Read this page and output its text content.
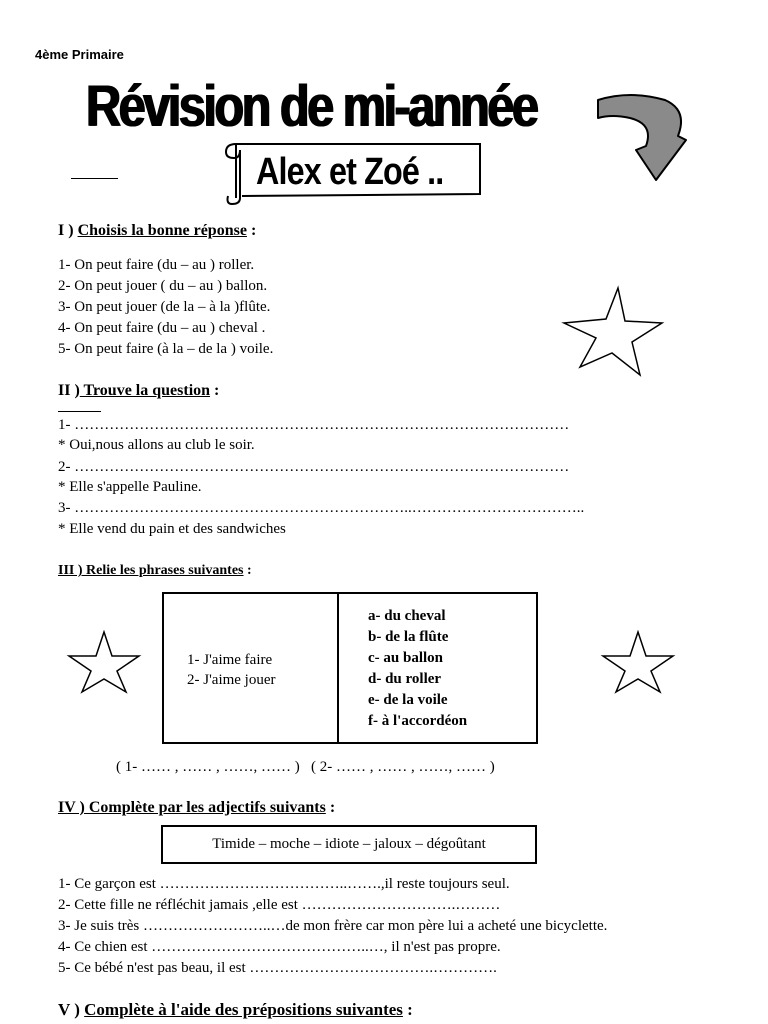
4ème Primaire
Révision de mi-année
Alex et Zoé ..
I ) Choisis la bonne réponse :
1- On peut faire (du – au ) roller.
2- On peut jouer ( du – au ) ballon.
3- On peut jouer (de la – à la )flûte.
4- On peut faire (du – au ) cheval .
5- On peut faire (à la – de la ) voile.
II ) Trouve la question :
1- ………………………………………………………………………………………
* Oui,nous allons au club le soir.
2- ………………………………………………………………………………………
* Elle s'appelle Pauline.
3- …………………………………………………………..……………………………..
* Elle vend du pain et des sandwiches
III ) Relie les phrases suivantes :
1- J'aime faire
2- J'aime jouer
a- du cheval
b- de la flûte
c- au ballon
d- du roller
e- de la voile
f- à l'accordéon
( 1- …… , …… , ……, …… )   ( 2- …… , …… , ……, …… )
IV ) Complète par les adjectifs suivants :
Timide – moche – idiote – jaloux – dégoûtant
1- Ce garçon est ………………………………..…….,il reste toujours seul.
2- Cette fille ne réfléchit jamais ,elle est ………………………….………
3- Je suis très ……………………..…de mon frère car mon père lui a acheté une bicyclette.
4- Ce chien est ……………………………………..…, il n'est pas propre.
5- Ce bébé n'est pas beau, il est ……………………………….………….
V ) Complète à l'aide des prépositions suivantes :
